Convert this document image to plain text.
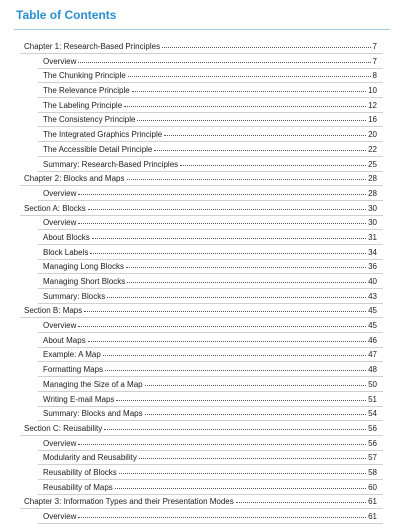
Table of Contents
Chapter 1: Research-Based Principles	7
Overview	7
The Chunking Principle	8
The Relevance Principle	10
The Labeling Principle	12
The Consistency Principle	16
The Integrated Graphics Principle	20
The Accessible Detail Principle	22
Summary: Research-Based Principles	25
Chapter 2: Blocks and Maps	28
Overview	28
Section A: Blocks	30
Overview	30
About Blocks	31
Block Labels	34
Managing Long Blocks	36
Managing Short Blocks	40
Summary: Blocks	43
Section B: Maps	45
Overview	45
About Maps	46
Example: A Map	47
Formatting Maps	48
Managing the Size of a Map	50
Writing E-mail Maps	51
Summary: Blocks and Maps	54
Section C: Reusability	56
Overview	56
Modularity and Reusability	57
Reusability of Blocks	58
Reusability of Maps	60
Chapter 3: Information Types and their Presentation Modes	61
Overview	61
